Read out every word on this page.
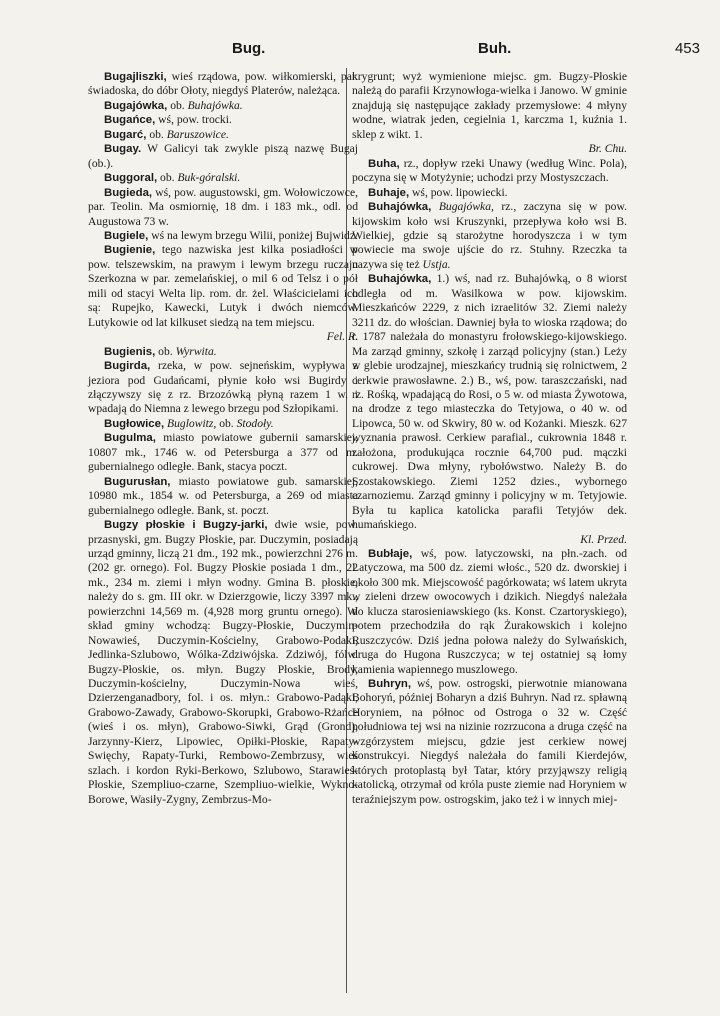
Bug.	Buh.	453

Bugajliszki, wieś rządowa, pow. wiłkomierski, par. świadoska, do dóbr Ołoty, niegdyś Platerów, należąca.

Bugajówka, ob. Buhajówka.

Bugańce, wś, pow. trocki.

Bugarć, ob. Baruszowice.

Bugay. W Galicyi tak zwykle piszą nazwę Bugaj (ob.).

Buggoral, ob. Buk-góralski.

Bugieda, wś, pow. augustowski, gm. Wołowiczowce, par. Teolin. Ma osmiornię, 18 dm. i 183 mk., odl. od Augustowa 73 w.

Bugiele, wś na lewym brzegu Wilii, poniżej Bujwidz.

Bugienie, tego nazwiska jest kilka posiadłości w pow. telszewskim, na prawym i lewym brzegu ruczaju Szerkozna w par. zemelańskiej, o mil 6 od Telsz i o pół mili od stacyi Welta lip. rom. dr. żel. Właścicielami ich są: Rupejko, Kawecki, Lutyk i dwóch niemców. Lutykowie od lat kilkuset siedzą na tem miejscu.
Fel. R.

Bugienis, ob. Wyrwita.

Bugirda, rzeka, w pow. sejneńskim, wypływa z jeziora pod Gudańcami, płynie koło wsi Bugirdy i złączywszy się z rz. Brzozówką płyną razem 1 w. i wpadają do Niemna z lewego brzegu pod Szłopikami.

Bugłowice, Buglowitz, ob. Stodoły.

Bugulma, miasto powiatowe gubernii samarskiej, 10807 mk., 1746 w. od Petersburga a 377 od m. gubernialnego odległe. Bank, stacya poczt.

Bugurusłan, miasto powiatowe gub. samarskiej, 10980 mk., 1854 w. od Petersburga, a 269 od miasta gubernialnego odległe. Bank, st. poczt.

Bugzy płoskie i Bugzy-jarki, dwie wsie, pow. przasnyski, gm. Bugzy Płoskie, par. Duczymin, posiadają urząd gminny, liczą 21 dm., 192 mk., powierzchni 276 m. (202 gr. ornego). Fol. Bugzy Płoskie posiada 1 dm., 22 mk., 234 m. ziemi i młyn wodny. Gmina B. płoskie, należy do s. gm. III okr. w Dzierzgowie, liczy 3397 mk., powierzchni 14,569 m. (4,928 morg gruntu ornego). W skład gminy wchodzą: Bugzy-Płoskie, Duczymin-Nowawieś, Duczymin-Kościelny, Grabowo-Podaki, Jedlinka-Szlubowo, Wólka-Zdziwójska. Zdziwój, fólw. Bugzy-Płoskie, os. młyn. Bugzy Płoskie, Brody, Duczymin-kościelny, Duczymin-Nowa wieś, Dzierzenganadbory, fol. i os. młyn.: Grabowo-Padąki, Grabowo-Zawady, Grabowo-Skorupki, Grabowo-Rżańce (wieś i os. młyn), Grabowo-Siwki, Grąd (Grond), Jarzynny-Kierz, Lipowiec, Opiłki-Płoskie, Rapaty-Swięchy, Rapaty-Turki, Rembowo-Zembrzusy, wieś szlach. i kordon Ryki-Berkowo, Szlubowo, Starawieś-Płoskie, Szempliuo-czarne, Szempliuo-wielkie, Wykno-Borowe, Wasiły-Zygny, Zembrzus-Mo-

krygrunt; wyż wymienione miejsc. gm. Bugzy-Płoskie należą do parafii Krzynowłoga-wielka i Janowo. W gminie znajdują się następujące zakłady przemysłowe: 4 młyny wodne, wiatrak jeden, cegielnia 1, karczma 1, kuźnia 1. sklep z wikt. 1.
Br. Chu.

Buha, rz., dopływ rzeki Unawy (według Winc. Pola), poczyna się w Motyżynie; uchodzi przy Mostyszczach.

Buhaje, wś, pow. lipowiecki.

Buhajówka, Bugajówka, rz., zaczyna się w pow. kijowskim koło wsi Kruszynki, przepływa koło wsi B. Wielkiej, gdzie są starożytne horodyszcza i w tym powiecie ma swoje ujście do rz. Stuhny. Rzeczka ta nazywa się też Ustja.

Buhajówka, 1.) wś, nad rz. Buhajówką, o 8 wiorst odległa od m. Wasilkowa w pow. kijowskim. Mieszkańców 2229, z nich izraelitów 32. Ziemi należy 3211 dz. do włościan. Dawniej była to wioska rządowa; do r. 1787 należała do monastyru frołowskiego-kijowskiego. Ma zarząd gminny, szkołę i zarząd policyjny (stan.) Leży w glebie urodzajnej, mieszkańcy trudnią się rolnictwem, 2 cerkwie prawosławne. 2.) B., wś, pow. taraszczański, nad rz. Rośką, wpadającą do Rosi, o 5 w. od miasta Żywotowa, na drodze z tego miasteczka do Tetyjowa, o 40 w. od Lipowca, 50 w. od Skwiry, 80 w. od Kożanki. Mieszk. 627 wyznania prawosł. Cerkiew parafial., cukrownia 1848 r. założona, produkująca rocznie 64,700 pud. mączki cukrowej. Dwa młyny, ryboł​ówstwo. Należy B. do Szostakowskiego. Ziemi 1252 dzies., wybornego czarnoziemu. Zarząd gminny i policyjny w m. Tetyjowie. Była tu kaplica katolicka parafii Tetyjów dek. humańskiego.
Kl. Przed.

Bubłaje, wś, pow. latyczowski, na płn.-zach. od Latyczowa, ma 500 dz. ziemi włośc., 520 dz. dworskiej i około 300 mk. Miejscowość pagórkowata; wś latem ukryta w zieleni drzew owocowych i dzikich. Niegdyś należała do klucza starosieniawskiego (ks. Konst. Czartoryskiego), potem przechodziła do rąk Żurakowskich i kolejno Ruszczyców. Dziś jedna połowa należy do Sylwańskich, druga do Hugona Ruszczyca; w tej ostatniej są łomy kamienia wapiennego muszlowego.

Buhryn, wś, pow. ostrogski, pierwotnie mianowana Bohoryń, później Boharyn a dziś Buhryn. Nad rz. spławną Horyniem, na północ od Ostroga o 32 w. Część południowa tej wsi na nizinie rozrzucona a druga część na wzgórzystem miejscu, gdzie jest cerkiew nowej konstrukcyi. Niegdyś należała do famili Kierdejów, których protoplastą był Tatar, który przyjąwszy religią katolicką, otrzymał od króla puste ziemie nad Horyniem w teraźniejszym pow. ostrogskim, jako też i w innych miej-
